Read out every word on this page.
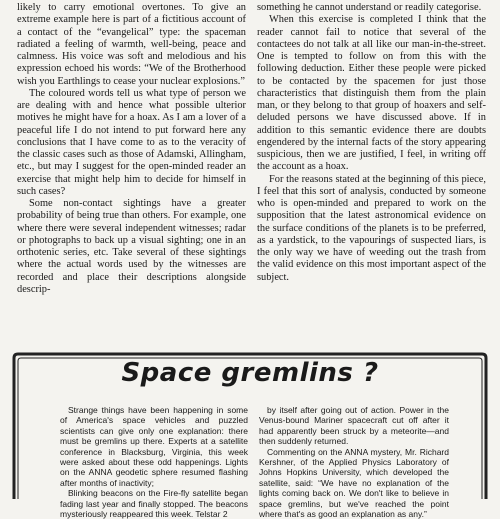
likely to carry emotional overtones. To give an extreme example here is part of a fictitious account of a contact of the “evangelical” type: the spaceman radiated a feeling of warmth, well-being, peace and calmness. His voice was soft and melodious and his expression echoed his words: “We of the Brotherhood wish you Earthlings to cease your nuclear explosions.”

The coloured words tell us what type of person we are dealing with and hence what possible ulterior motives he might have for a hoax. As I am a lover of a peaceful life I do not intend to put forward here any conclusions that I have come to as to the veracity of the classic cases such as those of Adamski, Allingham, etc., but may I suggest for the open-minded reader an exercise that might help him to decide for himself in such cases?

Some non-contact sightings have a greater probability of being true than others. For example, one where there were several independent witnesses; radar or photographs to back up a visual sighting; one in an orthotenic series, etc. Take several of these sightings where the actual words used by the witnesses are recorded and place their descriptions alongside descrip-

something he cannot understand or readily categorise.

When this exercise is completed I think that the reader cannot fail to notice that several of the contactees do not talk at all like our man-in-the-street. One is tempted to follow on from this with the following deduction. Either these people were picked to be contacted by the spacemen for just those characteristics that distinguish them from the plain man, or they belong to that group of hoaxers and self-deluded persons we have discussed above. If in addition to this semantic evidence there are doubts engendered by the internal facts of the story appearing suspicious, then we are justified, I feel, in writing off the account as a hoax.

For the reasons stated at the beginning of this piece, I feel that this sort of analysis, conducted by someone who is open-minded and prepared to work on the supposition that the latest astronomical evidence on the surface conditions of the planets is to be preferred, as a yardstick, to the vapourings of suspected liars, is the only way we have of weeding out the trash from the valid evidence on this most important aspect of the subject.

Space gremlins ?

Strange things have been happening in some of America's space vehicles and puzzled scientists can give only one explanation: there must be gremlins up there. Experts at a satellite conference in Blacksburg, Virginia, this week were asked about these odd happenings. Lights on the ANNA geodetic sphere resumed flashing after months of inactivity;

Blinking beacons on the Fire-fly satellite began fading last year and finally stopped. The beacons mysteriously reappeared this week. Telstar 2

by itself after going out of action. Power in the Venus-bound Mariner spacecraft cut off after it had apparently been struck by a meteorite—and then suddenly returned.

Commenting on the ANNA mystery, Mr. Richard Kershner, of the Applied Physics Laboratory of Johns Hopkins University, which developed the satellite, said: “We have no explanation of the lights coming back on. We don't like to believe in space gremlins, but we've reached the point where that's as good an explanation as any.”
